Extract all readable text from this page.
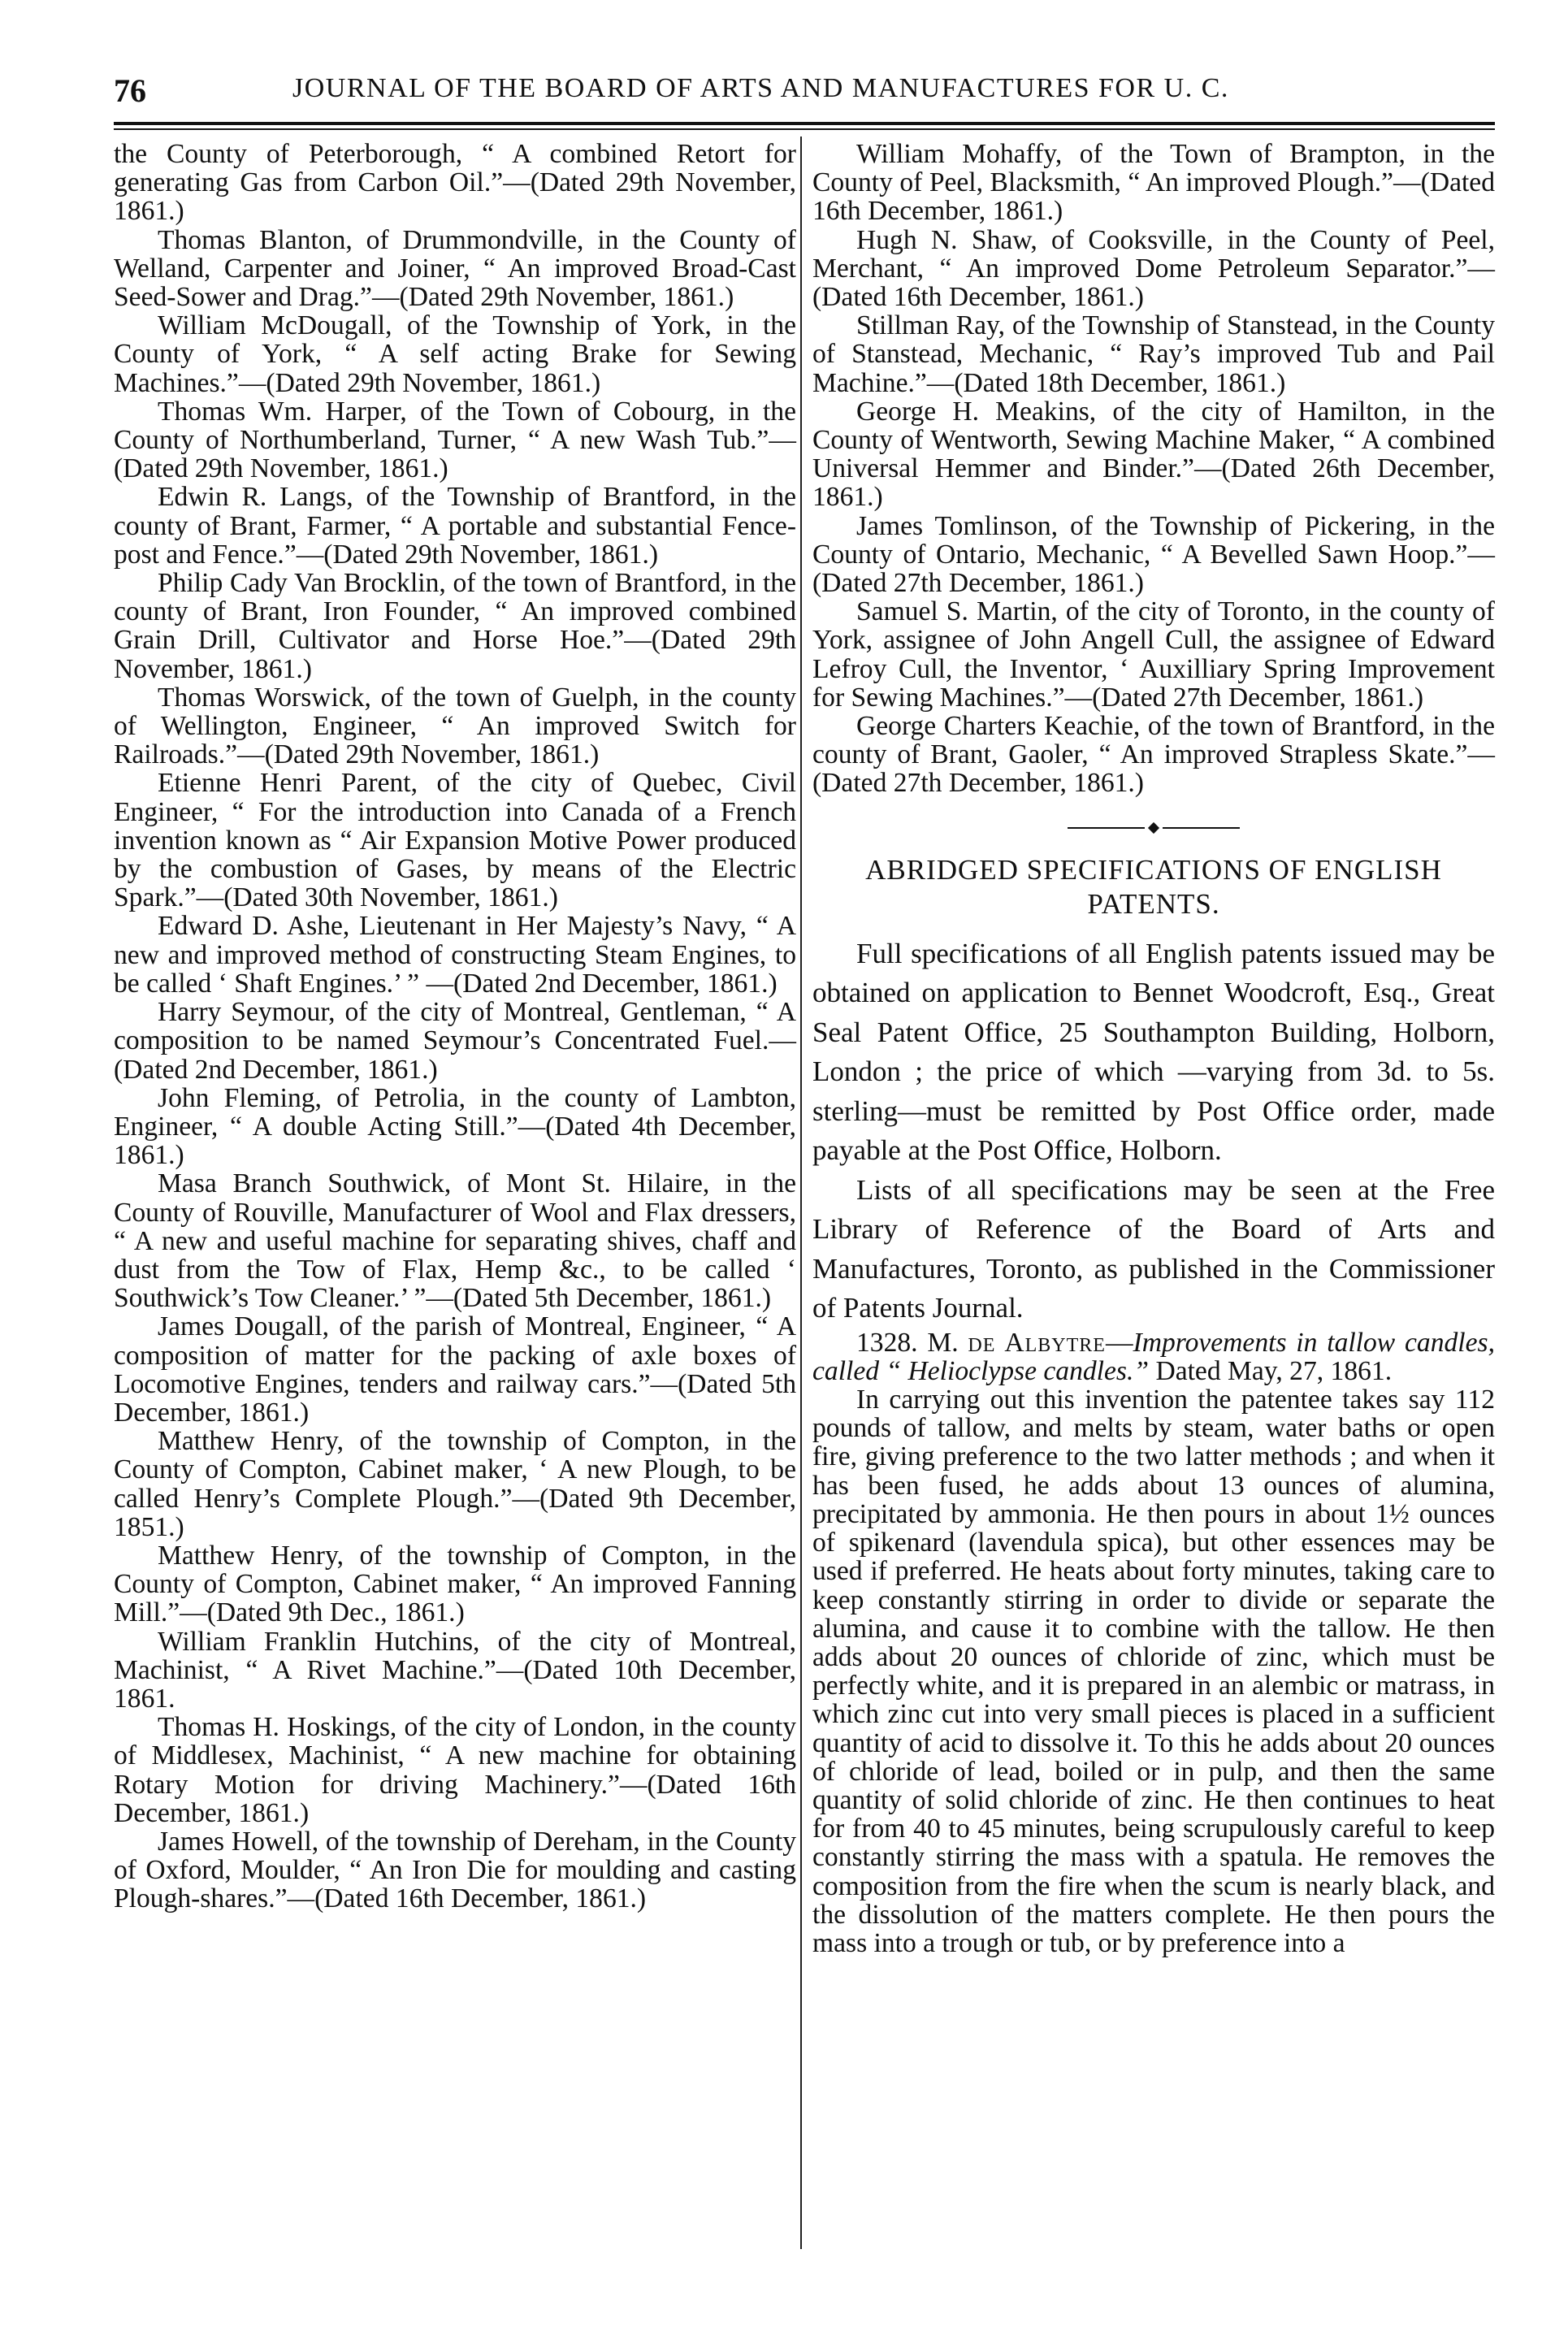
76	JOURNAL OF THE BOARD OF ARTS AND MANUFACTURES FOR U. C.

the County of Peterborough, “ A combined Retort for generating Gas from Carbon Oil.”—(Dated 29th November, 1861.)

Thomas Blanton, of Drummondville, in the County of Welland, Carpenter and Joiner, “ An improved Broad-Cast Seed-Sower and Drag.”—(Dated 29th November, 1861.)

William McDougall, of the Township of York, in the County of York, “ A self acting Brake for Sewing Machines.”—(Dated 29th November, 1861.)

Thomas Wm. Harper, of the Town of Cobourg, in the County of Northumberland, Turner, “ A new Wash Tub.”—(Dated 29th November, 1861.)

Edwin R. Langs, of the Township of Brantford, in the county of Brant, Farmer, “ A portable and substantial Fence-post and Fence.”—(Dated 29th November, 1861.)

Philip Cady Van Brocklin, of the town of Brantford, in the county of Brant, Iron Founder, “ An improved combined Grain Drill, Cultivator and Horse Hoe.”—(Dated 29th November, 1861.)

Thomas Worswick, of the town of Guelph, in the county of Wellington, Engineer, “ An improved Switch for Railroads.”—(Dated 29th November, 1861.)

Etienne Henri Parent, of the city of Quebec, Civil Engineer, “ For the introduction into Canada of a French invention known as “ Air Expansion Motive Power produced by the combustion of Gases, by means of the Electric Spark.”—(Dated 30th November, 1861.)

Edward D. Ashe, Lieutenant in Her Majesty’s Navy, “ A new and improved method of constructing Steam Engines, to be called ‘ Shaft Engines.’ ” —(Dated 2nd December, 1861.)

Harry Seymour, of the city of Montreal, Gentleman, “ A composition to be named Seymour’s Concentrated Fuel.—(Dated 2nd December, 1861.)

John Fleming, of Petrolia, in the county of Lambton, Engineer, “ A double Acting Still.”—(Dated 4th December, 1861.)

Masa Branch Southwick, of Mont St. Hilaire, in the County of Rouville, Manufacturer of Wool and Flax dressers, “ A new and useful machine for separating shives, chaff and dust from the Tow of Flax, Hemp &c., to be called ‘ Southwick’s Tow Cleaner.’ ”—(Dated 5th December, 1861.)

James Dougall, of the parish of Montreal, Engineer, “ A composition of matter for the packing of axle boxes of Locomotive Engines, tenders and railway cars.”—(Dated 5th December, 1861.)

Matthew Henry, of the township of Compton, in the County of Compton, Cabinet maker, ‘ A new Plough, to be called Henry’s Complete Plough.”—(Dated 9th December, 1851.)

Matthew Henry, of the township of Compton, in the County of Compton, Cabinet maker, “ An improved Fanning Mill.”—(Dated 9th Dec., 1861.)

William Franklin Hutchins, of the city of Montreal, Machinist, “ A Rivet Machine.”—(Dated 10th December, 1861.

Thomas H. Hoskings, of the city of London, in the county of Middlesex, Machinist, “ A new machine for obtaining Rotary Motion for driving Machinery.”—(Dated 16th December, 1861.)

James Howell, of the township of Dereham, in the County of Oxford, Moulder, “ An Iron Die for moulding and casting Plough-shares.”—(Dated 16th December, 1861.)

William Mohaffy, of the Town of Brampton, in the County of Peel, Blacksmith, “ An improved Plough.”—(Dated 16th December, 1861.)

Hugh N. Shaw, of Cooksville, in the County of Peel, Merchant, “ An improved Dome Petroleum Separator.”—(Dated 16th December, 1861.)

Stillman Ray, of the Township of Stanstead, in the County of Stanstead, Mechanic, “ Ray’s improved Tub and Pail Machine.”—(Dated 18th December, 1861.)

George H. Meakins, of the city of Hamilton, in the County of Wentworth, Sewing Machine Maker, “ A combined Universal Hemmer and Binder.”—(Dated 26th December, 1861.)

James Tomlinson, of the Township of Pickering, in the County of Ontario, Mechanic, “ A Bevelled Sawn Hoop.”—(Dated 27th December, 1861.)

Samuel S. Martin, of the city of Toronto, in the county of York, assignee of John Angell Cull, the assignee of Edward Lefroy Cull, the Inventor, ‘ Auxilliary Spring Improvement for Sewing Machines.”—(Dated 27th December, 1861.)

George Charters Keachie, of the town of Brantford, in the county of Brant, Gaoler, “ An improved Strapless Skate.”—(Dated 27th December, 1861.)

ABRIDGED SPECIFICATIONS OF ENGLISH PATENTS.

Full specifications of all English patents issued may be obtained on application to Bennet Woodcroft, Esq., Great Seal Patent Office, 25 Southampton Building, Holborn, London ; the price of which —varying from 3d. to 5s. sterling—must be remitted by Post Office order, made payable at the Post Office, Holborn.

Lists of all specifications may be seen at the Free Library of Reference of the Board of Arts and Manufactures, Toronto, as published in the Commissioner of Patents Journal.

1328. M. de Albytre—Improvements in tallow candles, called “ Helioclypse candles.” Dated May, 27, 1861.

In carrying out this invention the patentee takes say 112 pounds of tallow, and melts by steam, water baths or open fire, giving preference to the two latter methods ; and when it has been fused, he adds about 13 ounces of alumina, precipitated by ammonia. He then pours in about 1½ ounces of spikenard (lavendula spica), but other essences may be used if preferred. He heats about forty minutes, taking care to keep constantly stirring in order to divide or separate the alumina, and cause it to combine with the tallow. He then adds about 20 ounces of chloride of zinc, which must be perfectly white, and it is prepared in an alembic or matrass, in which zinc cut into very small pieces is placed in a sufficient quantity of acid to dissolve it. To this he adds about 20 ounces of chloride of lead, boiled or in pulp, and then the same quantity of solid chloride of zinc. He then continues to heat for from 40 to 45 minutes, being scrupulously careful to keep constantly stirring the mass with a spatula. He removes the composition from the fire when the scum is nearly black, and the dissolution of the matters complete. He then pours the mass into a trough or tub, or by preference into a
